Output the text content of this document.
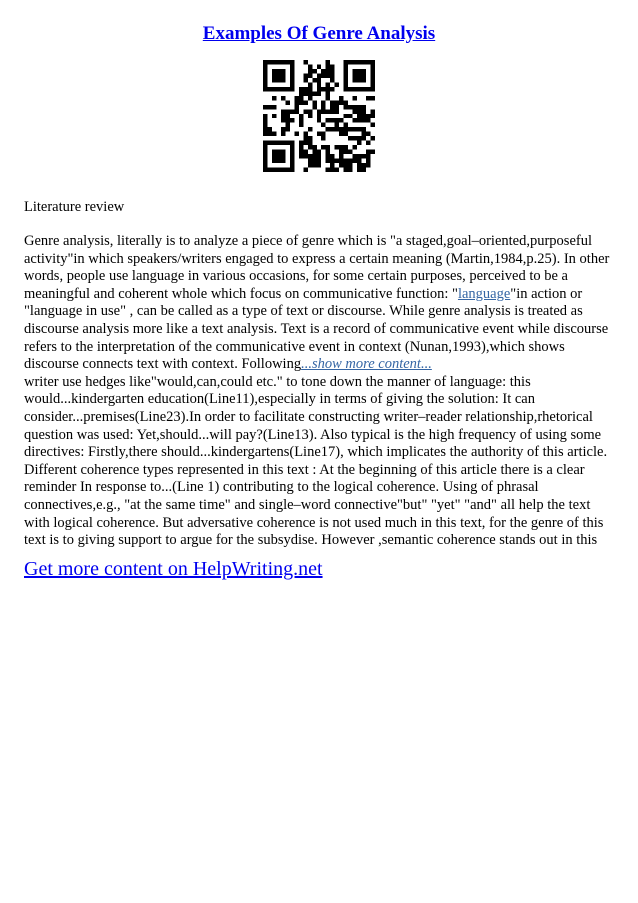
Examples Of Genre Analysis
Literature review
Genre analysis, literally is to analyze a piece of genre which is "a staged,goal–oriented,purposeful
activity"in which speakers/writers engaged to express a certain meaning (Martin,1984,p.25). In other
words, people use language in various occasions, for some certain purposes, perceived to be a
meaningful and coherent whole which focus on communicative function: "language"in action or
"language in use" , can be called as a type of text or discourse. While genre analysis is treated as
discourse analysis more like a text analysis. Text is a record of communicative event while discourse
refers to the interpretation of the communicative event in context (Nunan,1993),which shows
discourse connects text with context. Following...show more content...
writer use hedges like"would,can,could etc." to tone down the manner of language: this
would...kindergarten education(Line11),especially in terms of giving the solution: It can
consider...premises(Line23).In order to facilitate constructing writer–reader relationship,rhetorical
question was used: Yet,should...will pay?(Line13). Also typical is the high frequency of using some
directives: Firstly,there should...kindergartens(Line17), which implicates the authority of this article.
Different coherence types represented in this text : At the beginning of this article there is a clear
reminder In response to...(Line 1) contributing to the logical coherence. Using of phrasal
connectives,e.g., "at the same time" and single–word connective"but" "yet" "and" all help the text
with logical coherence. But adversative coherence is not used much in this text, for the genre of this
text is to giving support to argue for the subsydise. However ,semantic coherence stands out in this
Get more content on HelpWriting.net
